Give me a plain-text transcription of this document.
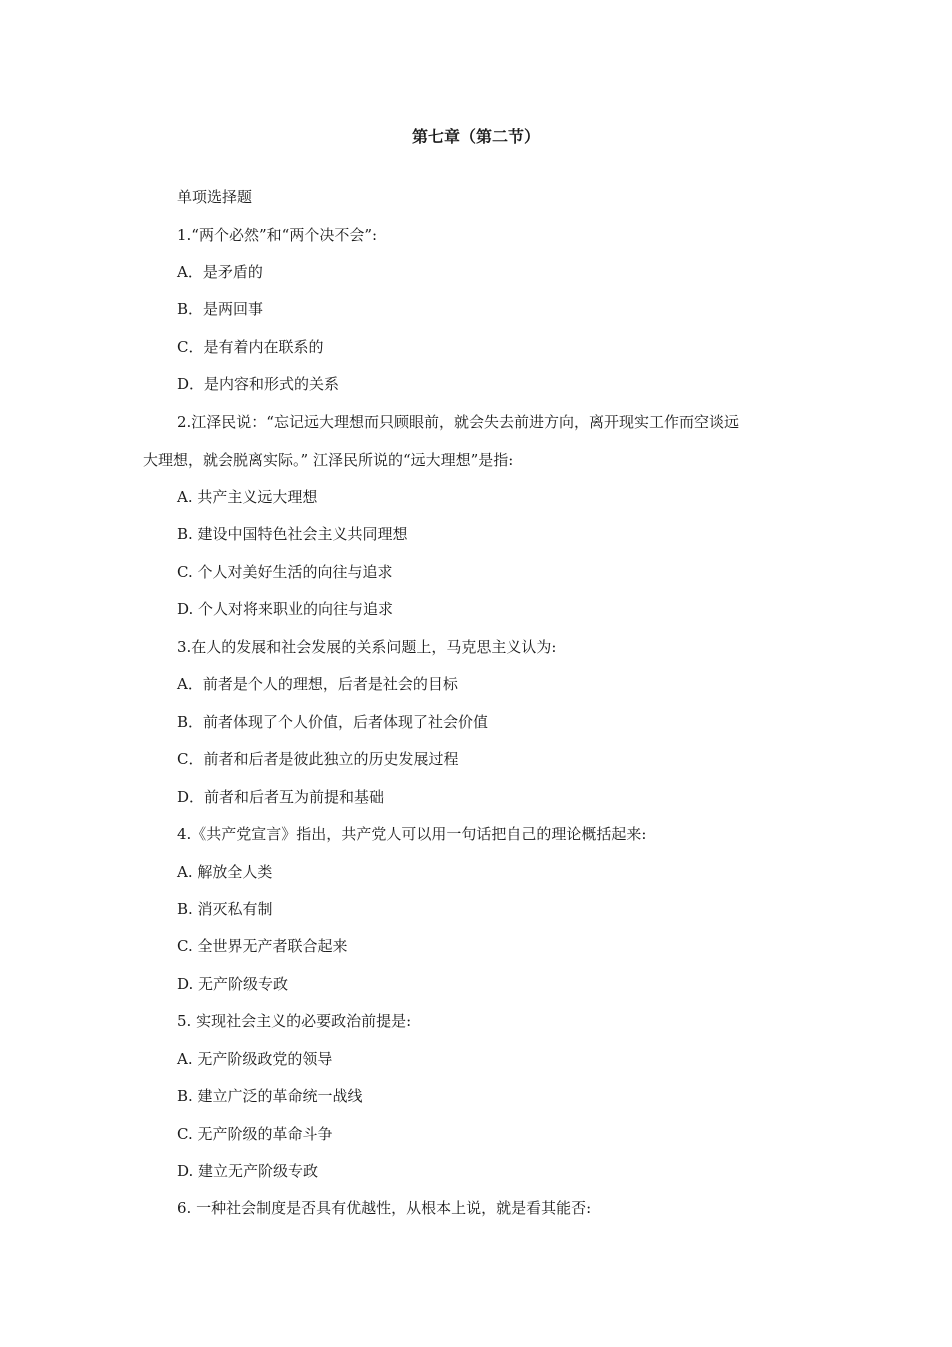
第七章（第二节）
单项选择题
1.“两个必然”和“两个决不会”:
A．是矛盾的
B．是两回事
C．是有着内在联系的
D．是内容和形式的关系
2.江泽民说：“忘记远大理想而只顾眼前，就会失去前进方向，离开现实工作而空谈远
大理想，就会脱离实际。” 江泽民所说的“远大理想”是指:
A. 共产主义远大理想
B. 建设中国特色社会主义共同理想
C. 个人对美好生活的向往与追求
D. 个人对将来职业的向往与追求
3.在人的发展和社会发展的关系问题上，马克思主义认为:
A．前者是个人的理想，后者是社会的目标
B．前者体现了个人价值，后者体现了社会价值
C．前者和后者是彼此独立的历史发展过程
D．前者和后者互为前提和基础
4.《共产党宣言》指出，共产党人可以用一句话把自己的理论概括起来:
A. 解放全人类
B. 消灭私有制
C. 全世界无产者联合起来
D. 无产阶级专政
5. 实现社会主义的必要政治前提是:
A. 无产阶级政党的领导
B. 建立广泛的革命统一战线
C. 无产阶级的革命斗争
D. 建立无产阶级专政
6. 一种社会制度是否具有优越性，从根本上说，就是看其能否:
